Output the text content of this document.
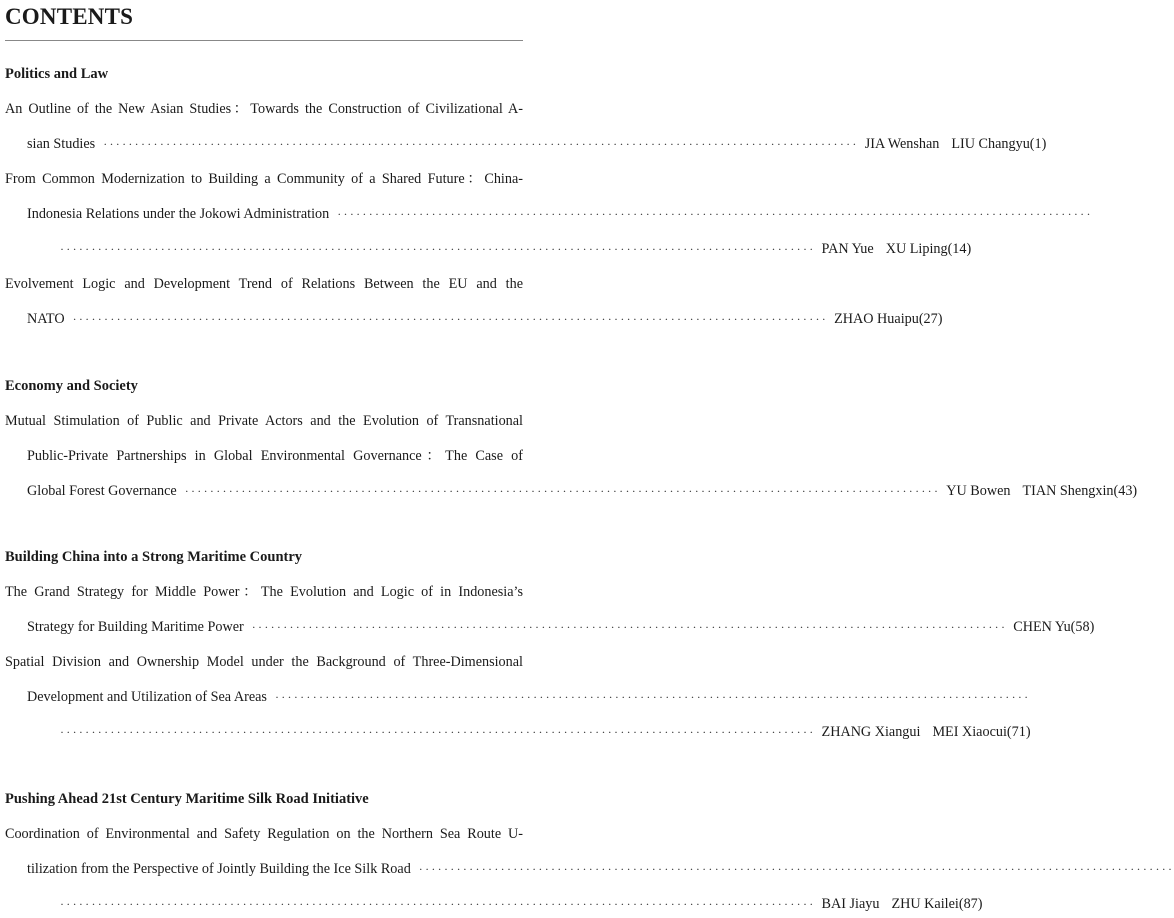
CONTENTS
Politics and Law
An Outline of the New Asian Studies：Towards the Construction of Civilizational A-
sian Studies ························································································································ JIA Wenshan LIU Changyu(1)
From Common Modernization to Building a Community of a Shared Future：China-
Indonesia Relations under the Jokowi Administration ························································································································
························································································································ PAN Yue XU Liping(14)
Evolvement Logic and Development Trend of Relations Between the EU and the
NATO ························································································································ ZHAO Huaipu(27)
Economy and Society
Mutual Stimulation of Public and Private Actors and the Evolution of Transnational
Public-Private Partnerships in Global Environmental Governance：The Case of
Global Forest Governance ························································································································ YU Bowen TIAN Shengxin(43)
Building China into a Strong Maritime Country
The Grand Strategy for Middle Power：The Evolution and Logic of in Indonesia’s
Strategy for Building Maritime Power ························································································································ CHEN Yu(58)
Spatial Division and Ownership Model under the Background of Three-Dimensional
Development and Utilization of Sea Areas ························································································································
························································································································ ZHANG Xiangui MEI Xiaocui(71)
Pushing Ahead 21st Century Maritime Silk Road Initiative
Coordination of Environmental and Safety Regulation on the Northern Sea Route U-
tilization from the Perspective of Jointly Building the Ice Silk Road ························································································································
························································································································ BAI Jiayu ZHU Kailei(87)
